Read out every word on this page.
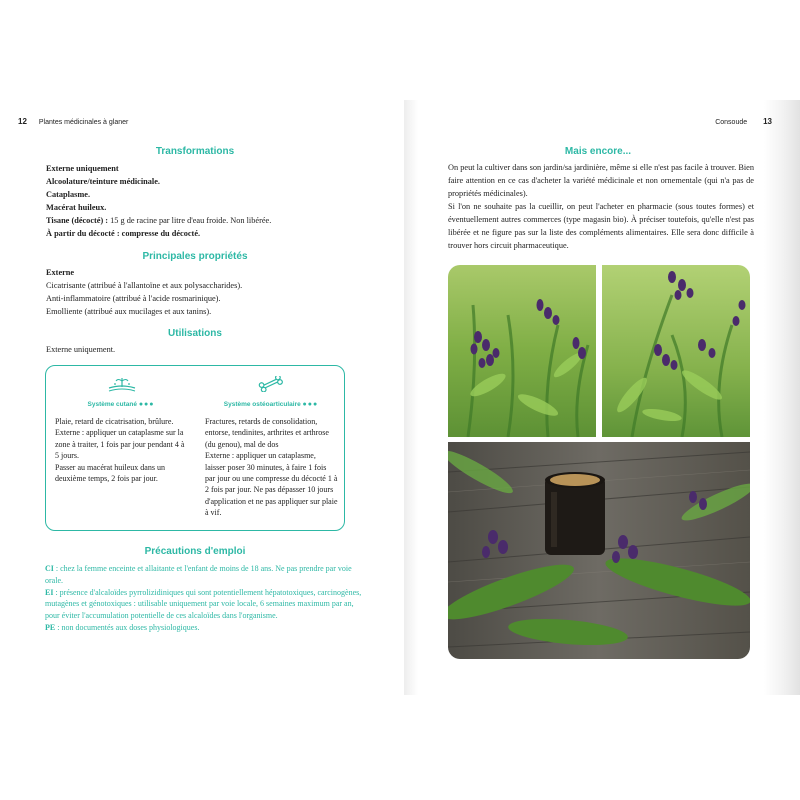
12 Plantes médicinales à glaner
Transformations

Externe uniquement

Alcoolature/teinture médicinale.

Cataplasme.

Macérat huileux.

Tisane (décocté) : 15 g de racine par litre d'eau froide. Non libérée.

À partir du décocté : compresse du décocté.

Principales propriétés

Externe

Cicatrisante (attribué à l'allantoïne et aux polysaccharides).

Anti-inflammatoire (attribué à l'acide rosmarinique).

Emolliente (attribué aux mucilages et aux tanins).

Utilisations
Externe uniquement.
Système cutané ●●●

Plaie, retard de cicatrisation, brûlure.

Externe : appliquer un cataplasme sur la zone à traiter, 1 fois par jour pendant 4 à 5 jours.

Passer au macérat huileux dans un deuxième temps, 2 fois par jour.

Système ostéoarticulaire ●●●

Fractures, retards de consolidation, entorse, tendinites, arthrites et arthrose (du genou), mal de dos

Externe : appliquer un cataplasme, laisser poser 30 minutes, à faire 1 fois par jour ou une compresse du décocté 1 à 2 fois par jour. Ne pas dépasser 10 jours d'application et ne pas appliquer sur plaie à vif.

Précautions d'emploi

CI : chez la femme enceinte et allaitante et l'enfant de moins de 18 ans. Ne pas prendre par voie orale.

EI : présence d'alcaloïdes pyrrolizidiniques qui sont potentiellement hépatotoxiques, carcinogènes, mutagènes et génotoxiques : utilisable uniquement par voie locale, 6 semaines maximum par an, pour éviter l'accumulation potentielle de ces alcaloïdes dans l'organisme.

PE : non documentés aux doses physiologiques.

Consoude 13
Mais encore...

On peut la cultiver dans son jardin/sa jardinière, même si elle n'est pas facile à trouver. Bien faire attention en ce cas d'acheter la variété médicinale et non ornementale (qui n'a pas de propriétés médicinales).

Si l'on ne souhaite pas la cueillir, on peut l'acheter en pharmacie (sous toutes formes) et éventuellement autres commerces (type magasin bio). À préciser toutefois, qu'elle n'est pas libérée et ne figure pas sur la liste des compléments alimentaires. Elle sera donc difficile à trouver hors circuit pharmaceutique.
